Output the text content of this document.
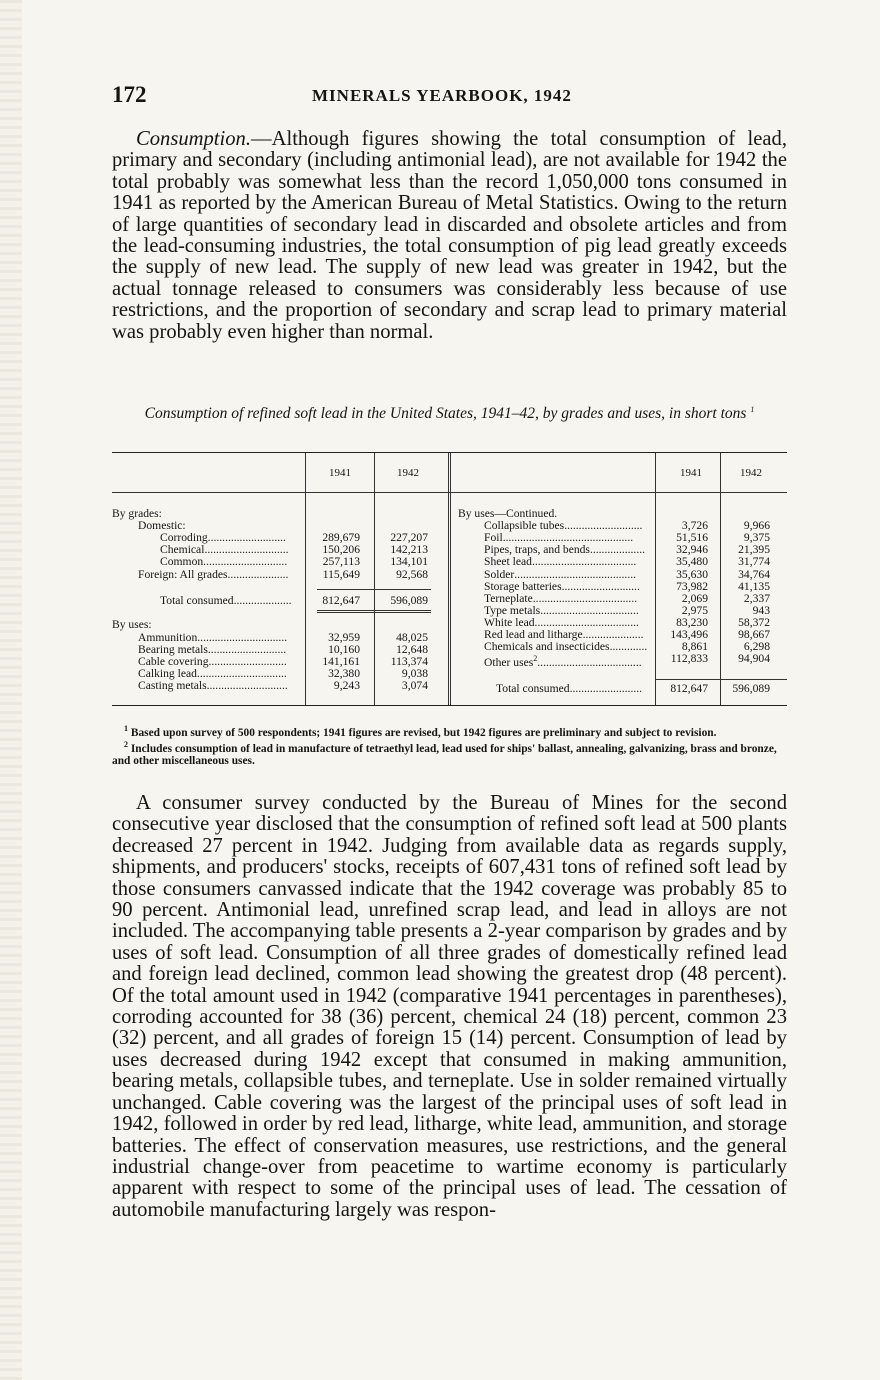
172	MINERALS YEARBOOK, 1942

Consumption.—Although figures showing the total consumption of lead, primary and secondary (including antimonial lead), are not available for 1942 the total probably was somewhat less than the record 1,050,000 tons consumed in 1941 as reported by the American Bureau of Metal Statistics. Owing to the return of large quantities of secondary lead in discarded and obsolete articles and from the lead-consuming industries, the total consumption of pig lead greatly exceeds the supply of new lead. The supply of new lead was greater in 1942, but the actual tonnage released to consumers was considerably less because of use restrictions, and the proportion of secondary and scrap lead to primary material was probably even higher than normal.

Consumption of refined soft lead in the United States, 1941–42, by grades and uses, in short tons $^1$
1941	1942	1941	1942
By grades:
Domestic:
Corroding...........................	289,679	227,207
Chemical.............................	150,206	142,213
Common.............................	257,113	134,101
Foreign: All grades.....................	115,649	92,568
Total consumed....................	812,647	596,089
By uses:
Ammunition...............................	32,959	48,025
Bearing metals...........................	10,160	12,648
Cable covering...........................	141,161	113,374
Calking lead...............................	32,380	9,038
Casting metals............................	9,243	3,074
By uses—Continued.
Collapsible tubes...........................	3,726	9,966
Foil.............................................	51,516	9,375
Pipes, traps, and bends...................	32,946	21,395
Sheet lead....................................	35,480	31,774
Solder..........................................	35,630	34,764
Storage batteries...........................	73,982	41,135
Terneplate....................................	2,069	2,337
Type metals..................................	2,975	943
White lead....................................	83,230	58,372
Red lead and litharge.....................	143,496	98,667
Chemicals and insecticides.............	8,861	6,298
Other uses$^2$....................................	112,833	94,904
Total consumed.........................	812,647	596,089

$^1$ Based upon survey of 500 respondents; 1941 figures are revised, but 1942 figures are preliminary and subject to revision.

$^2$ Includes consumption of lead in manufacture of tetraethyl lead, lead used for ships' ballast, annealing, galvanizing, brass and bronze, and other miscellaneous uses.

A consumer survey conducted by the Bureau of Mines for the second consecutive year disclosed that the consumption of refined soft lead at 500 plants decreased 27 percent in 1942. Judging from available data as regards supply, shipments, and producers' stocks, receipts of 607,431 tons of refined soft lead by those consumers canvassed indicate that the 1942 coverage was probably 85 to 90 percent. Antimonial lead, unrefined scrap lead, and lead in alloys are not included. The accompanying table presents a 2-year comparison by grades and by uses of soft lead. Consumption of all three grades of domestically refined lead and foreign lead declined, common lead showing the greatest drop (48 percent). Of the total amount used in 1942 (comparative 1941 percentages in parentheses), corroding accounted for 38 (36) percent, chemical 24 (18) percent, common 23 (32) percent, and all grades of foreign 15 (14) percent. Consumption of lead by uses decreased during 1942 except that consumed in making ammunition, bearing metals, collapsible tubes, and terneplate. Use in solder remained virtually unchanged. Cable covering was the largest of the principal uses of soft lead in 1942, followed in order by red lead, litharge, white lead, ammunition, and storage batteries. The effect of conservation measures, use restrictions, and the general industrial change-over from peacetime to wartime economy is particularly apparent with respect to some of the principal uses of lead. The cessation of automobile manufacturing largely was respon-
